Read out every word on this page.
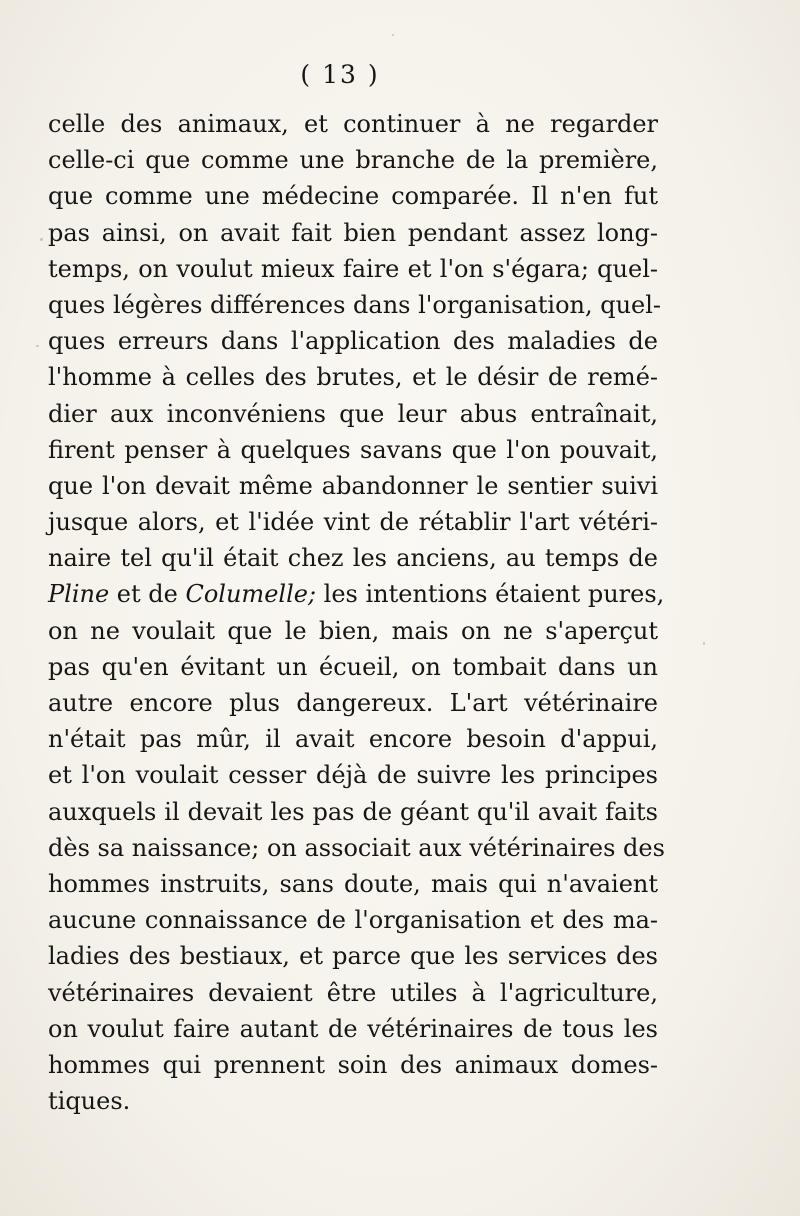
( 13 )
celle des animaux, et continuer à ne regarder
celle-ci que comme une branche de la première,
que comme une médecine comparée. Il n'en fut
pas ainsi, on avait fait bien pendant assez long-
temps, on voulut mieux faire et l'on s'égara; quel-
ques légères différences dans l'organisation, quel-
ques erreurs dans l'application des maladies de
l'homme à celles des brutes, et le désir de remé-
dier aux inconvéniens que leur abus entraînait,
firent penser à quelques savans que l'on pouvait,
que l'on devait même abandonner le sentier suivi
jusque alors, et l'idée vint de rétablir l'art vétéri-
naire tel qu'il était chez les anciens, au temps de
Pline et de Columelle; les intentions étaient pures,
on ne voulait que le bien, mais on ne s'aperçut
pas qu'en évitant un écueil, on tombait dans un
autre encore plus dangereux. L'art vétérinaire
n'était pas mûr, il avait encore besoin d'appui,
et l'on voulait cesser déjà de suivre les principes
auxquels il devait les pas de géant qu'il avait faits
dès sa naissance; on associait aux vétérinaires des
hommes instruits, sans doute, mais qui n'avaient
aucune connaissance de l'organisation et des ma-
ladies des bestiaux, et parce que les services des
vétérinaires devaient être utiles à l'agriculture,
on voulut faire autant de vétérinaires de tous les
hommes qui prennent soin des animaux domes-
tiques.
